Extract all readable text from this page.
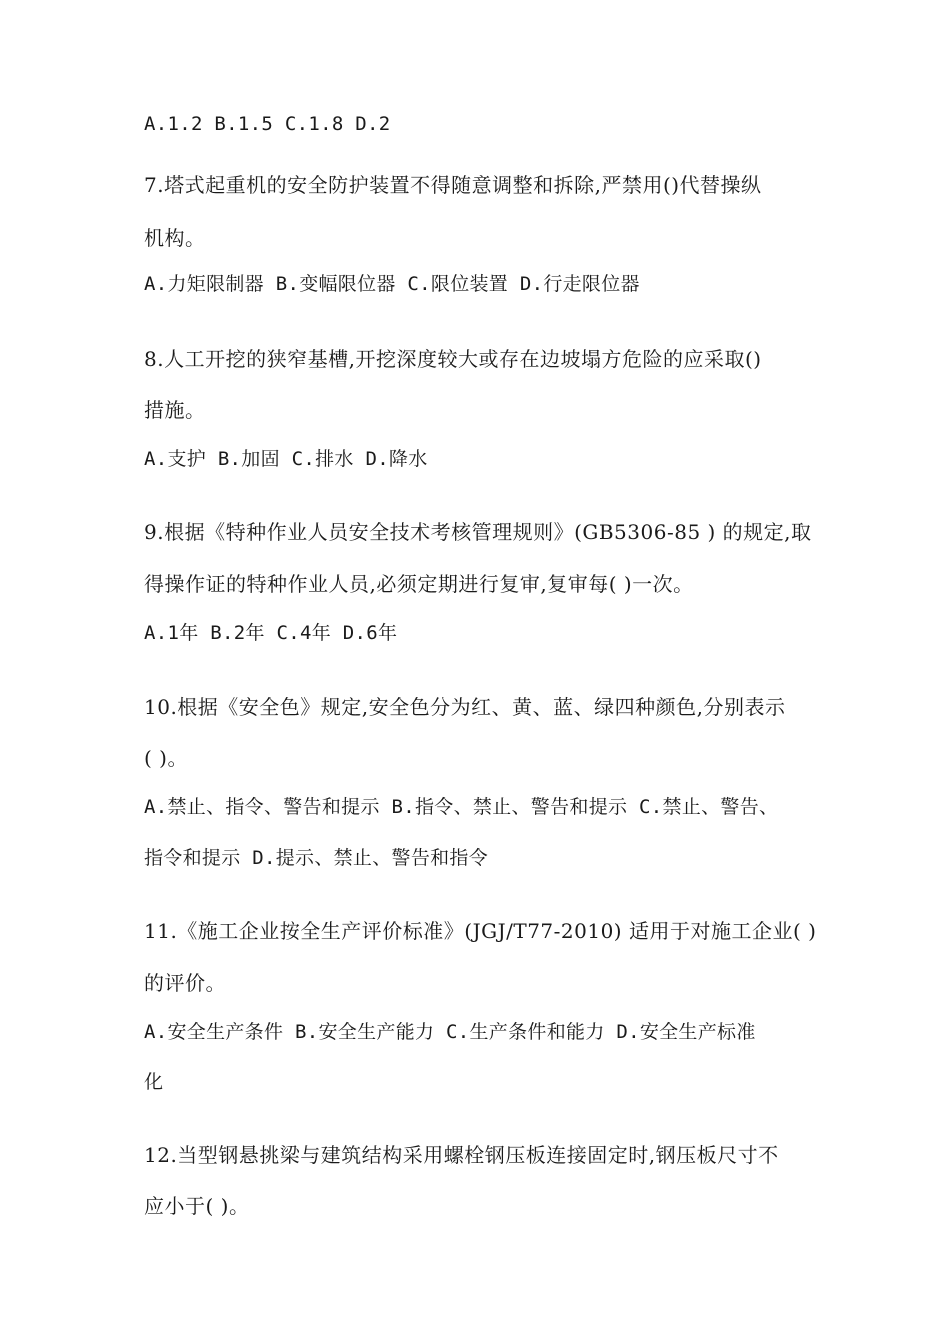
A.1.2 B.1.5 C.1.8 D.2
7.塔式起重机的安全防护装置不得随意调整和拆除,严禁用()代替操纵
机构。
A.力矩限制器 B.变幅限位器 C.限位装置 D.行走限位器
8.人工开挖的狭窄基槽,开挖深度较大或存在边坡塌方危险的应采取()
措施。
A.支护 B.加固 C.排水 D.降水
9.根据《特种作业人员安全技术考核管理规则》(GB5306-85 ) 的规定,取
得操作证的特种作业人员,必须定期进行复审,复审每( )一次。
A.1年 B.2年 C.4年 D.6年
10.根据《安全色》规定,安全色分为红、黄、蓝、绿四种颜色,分别表示
( )。
A.禁止、指令、警告和提示 B.指令、禁止、警告和提示 C.禁止、警告、
指令和提示 D.提示、禁止、警告和指令
11.《施工企业按全生产评价标准》(JGJ/T77-2010) 适用于对施工企业( )
的评价。
A.安全生产条件 B.安全生产能力 C.生产条件和能力 D.安全生产标准
化
12.当型钢悬挑梁与建筑结构采用螺栓钢压板连接固定时,钢压板尺寸不
应小于( )。
